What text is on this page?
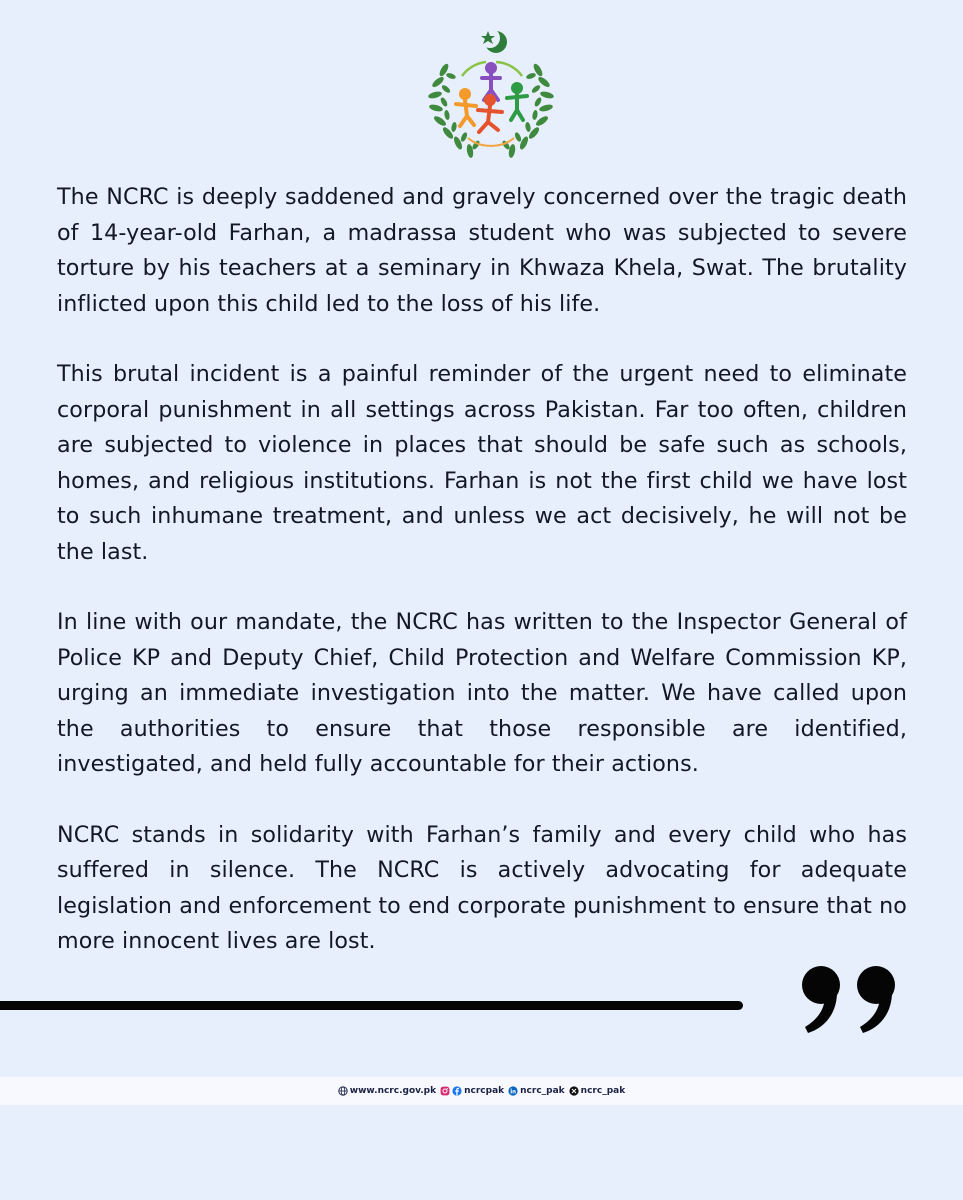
The NCRC is deeply saddened and gravely concerned over the tragic death of 14-year-old Farhan, a madrassa student who was subjected to severe torture by his teachers at a seminary in Khwaza Khela, Swat. The brutality inflicted upon this child led to the loss of his life.

This brutal incident is a painful reminder of the urgent need to eliminate corporal punishment in all settings across Pakistan. Far too often, children are subjected to violence in places that should be safe such as schools, homes, and religious institutions. Farhan is not the first child we have lost to such inhumane treatment, and unless we act decisively, he will not be the last.

In line with our mandate, the NCRC has written to the Inspector General of Police KP and Deputy Chief, Child Protection and Welfare Commission KP, urging an immediate investigation into the matter. We have called upon the authorities to ensure that those responsible are identified, investigated, and held fully accountable for their actions.

NCRC stands in solidarity with Farhan’s family and every child who has suffered in silence. The NCRC is actively advocating for adequate legislation and enforcement to end corporate punishment to ensure that no more innocent lives are lost.

www.ncrc.gov.pk	ncrcpak ncrc_pak ncrc_pak
